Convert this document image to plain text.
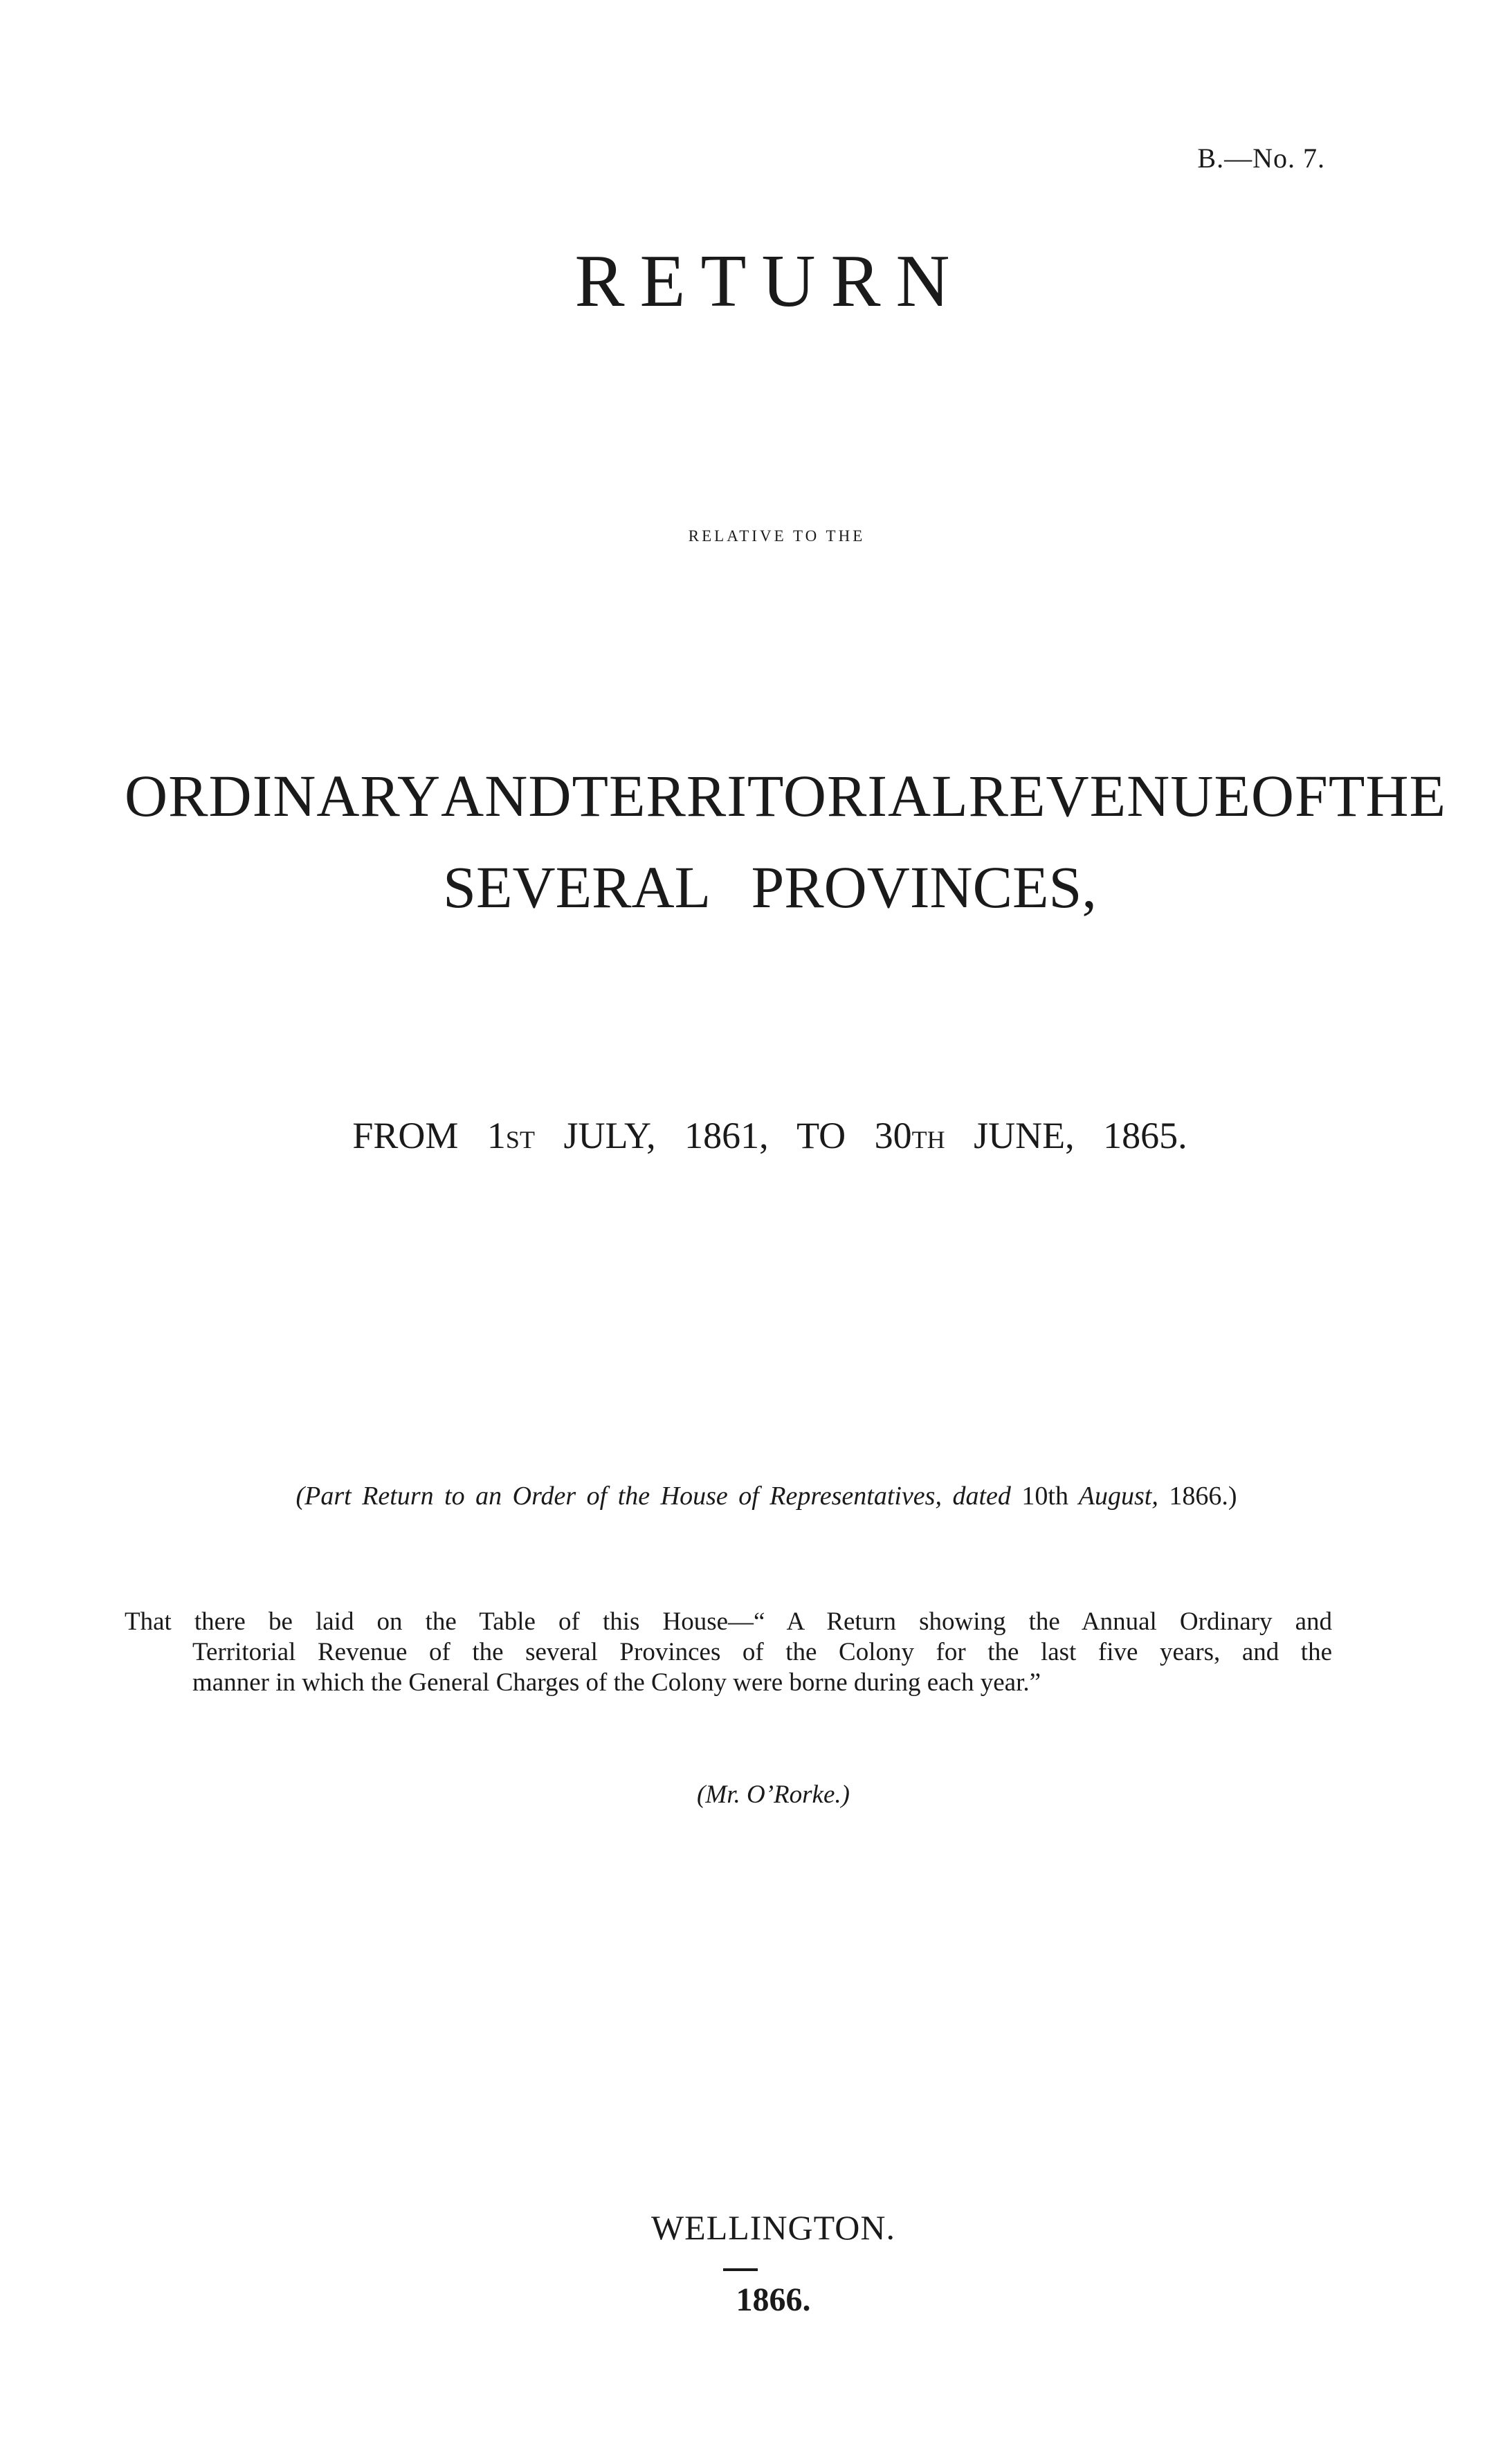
B.—No. 7.
RETURN
RELATIVE TO THE
ORDINARY AND TERRITORIAL REVENUE OF THE
SEVERAL PROVINCES,
FROM 1ST JULY, 1861, TO 30TH JUNE, 1865.
(Part Return to an Order of the House of Representatives, dated 10th August, 1866.)
That there be laid on the Table of this House—“ A Return showing the Annual Ordinary and
Territorial Revenue of the several Provinces of the Colony for the last five years, and the
manner in which the General Charges of the Colony were borne during each year.”
(Mr. O’Rorke.)
WELLINGTON.
1866.
